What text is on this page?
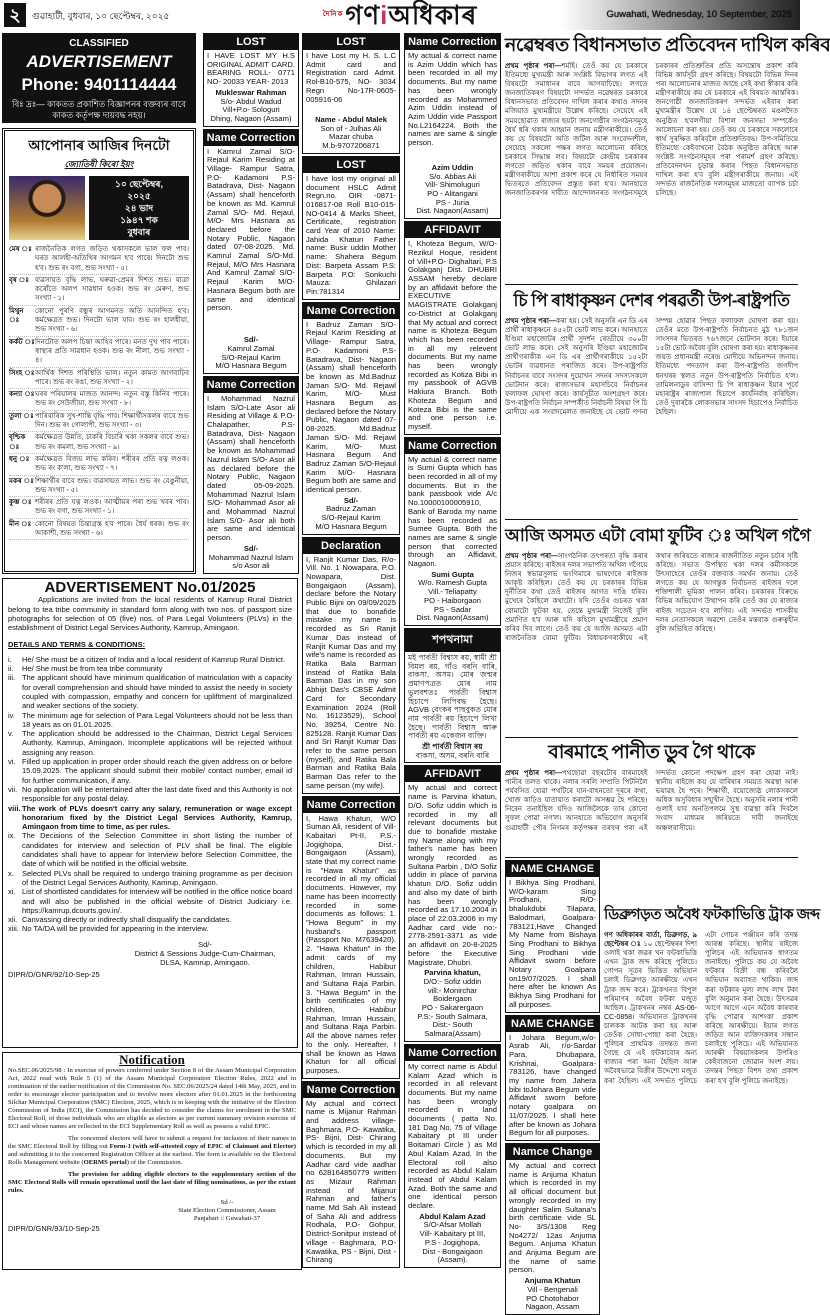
২	গুৱাহাটী, বুধবাৰ, ১০ ছেপ্টেম্বৰ, ২০২৫	$^{দৈনিক}$গণiঅধিকাৰ	Guwahati, Wednesday, 10 September, 2025
CLASSIFIED
ADVERTISEMENT
Phone: 9401114444
বিঃ দ্ৰঃ— কাকতত প্ৰকাশিত বিজ্ঞাপনৰ বক্তব্যৰ বাবে কাকত কৰ্তৃপক্ষ দায়বদ্ধ নহয়।
আপোনাৰ আজিৰ দিনটো
জ্যোতিষী কিৰো ইয়ং
১০ ছেপ্টেম্বৰ,
২০২৫
২৪ ভাদ
১৯৪৭ শক
বুধবাৰ
মেষ ঃ ৰাজনৈতিক লগত জড়িত থকাসকলে ভাল ফল পাব। ঘৰত আলহী-অতিথিৰ আগমন হ'ব পাৰে। দিনটো শুভ হ'ব। শুভ ৰং বগা, শুভ সংখ্যা - ৫।
বৃষ ঃ ব্যৱসায়ত বৃদ্ধি লাভ, ঘৰুৱা-প্ৰেমৰ দিশত শুভ। যাত্ৰা কৰোঁতে অলপ সাৱধান হওক। শুভ ৰং মেৰুণ, শুভ সংখ্যা - ১।
মিথুন ঃ
কোনো পুৰণি বন্ধুৰ আগমনত অতি আনন্দিত হ'ব। কৰ্মক্ষেত্ৰত শুভ। দিনটো ভাল যাব। শুভ ৰং হালধীয়া, শুভ সংখ্যা - ৬।
কৰ্কট ঃ দিনটোত অলপ চিন্তা আহিব পাৰে। মনত দুখ পাব পাৰে। স্বাস্থ্যৰ প্ৰতি সাৱধান হওক। শুভ ৰং নীলা, শুভ সংখ্যা - ৪।
সিংহ ঃ আৰ্থিক দিশত পৰিস্থিতি ভাল। নতুন কামত আগবাঢ়িব পাৰে। শুভ ৰং ৰঙা, শুভ সংখ্যা - ২।
কন্যা ঃ ঘৰৰ পৰিয়ালৰ মাজত আনন্দ। নতুন বস্তু কিনিব পাৰে। শুভ ৰং সেউজীয়া, শুভ সংখ্যা - ৮।
তুলা ঃ পাৰিবাৰিক সুখ-শান্তি বৃদ্ধি পাব। শিক্ষাৰ্থীসকলৰ বাবে শুভ দিন। শুভ ৰং গোলাপী, শুভ সংখ্যা - ৩।
বৃশ্চিক ঃ
কৰ্মক্ষেত্ৰত উন্নতি, চাকৰি বিচাৰি থকা সকলৰ বাবে শুভ। শুভ ৰং কমলা, শুভ সংখ্যা - ৯।
ধনু ঃ কৰ্মক্ষেত্ৰত বিজয় লাভ কৰিব। শৰীৰৰ প্ৰতি যত্ন লওক। শুভ ৰং ক'লা, শুভ সংখ্যা - ৭।
মকৰ ঃ শিক্ষাৰ্থীৰ বাবে শুভ। ব্যৱসায়ত লাভ। শুভ ৰং বেঙুনীয়া, শুভ সংখ্যা - ৫।
কুম্ভ ঃ শৰীৰৰ প্ৰতি যত্ন লওক। আত্মীয়ৰ পৰা শুভ খবৰ পাব। শুভ ৰং বগা, শুভ সংখ্যা - ১।
মীন ঃ কোনো বিষয়ত চিন্তাগ্ৰস্ত হ'ব পাৰে। ধৈৰ্য ধৰক। শুভ ৰং আকাশী, শুভ সংখ্যা - ৬।
LOST
I HAVE LOST MY H.S ORIGINAL ADMIT CARD. BEARING ROLL- 0771 NO- 20033 YEAR- 2013
Mukleswar Rahman
S/o- Abdul Wadud
Vill+P.o- Sologuri
Dhing, Nagaon (Assam)
Name Correction
I Kamrul Zamal S/O-Rejaul Karim Residing at Village- Rampur Satra, P.O- Kadamoni P.S- Batadrava, Dist- Nagaon (Assam) shall henceforth be known as Md. Kamrul Zamal S/O- Md. Rejaul, M/O- Mrs Hasnara as declared before the Notary Public, Nagaon dated 07-08-2025. Md. Kamrul Zamal S/O-Md. Rejaul, M/O Mrs Hasnara And Kamrul Zamal S/O- Rejaul Karim M/O-Hasnara Begum both are same and identical person.
Sd/-
Kamrul Zamal
S/O-Rejaul Karim
M/O Hasnara Begum
Name Correction
I Mohammad Nazrul Islam S/O-Late Asor ali Residing at Village & P.O- Chalapather, P.S- Batadrava, Dist- Nagaon (Assam) shall henceforth be known as Mohammad Nazrul Islam S/O- Asor ali as declared before the Notary Public, Nagaon dated 05-09-2025. Mohammad Nazrul Islam S/O- Mohammad Asor ali and Mohammad Nazrul Islam S/O- Asor ali both are same and identical person.
Sd/-
Mohammad Nazrul Islam
s/o Asor ali
LOST
I have Lost my H. S. L.C Admit card and Registration card Admit. Rol-B10-575, NO- 3034 Regn No-17R-0605-005916-06
Name - Abdul Malek
Son of - Julhas Ali
Mazar chuba
M.b-9707206871
LOST
I have lost my original all document HSLC Admit Regn.no. OIR -0871-016817-08 Roll B10-015-NO-0414 & Marks Sheet, Certificate, registration card Year of 2010 Name: Jahida Khatun Father name: Busir uddin Mother name: Shahera Begum Dist: Barpeta Assam P.S: Barpeta P.O: Sonkuchi Mauza: Ghilazari Pin:781314
Name Correction
I Badruz Zaman S/O- Rejaul Karim Residing at Village- Rampur Satra, P.O- Kadamoni P.S- Batadrava, Dist- Nagaon (Assam) shall henceforth be known as Md.Badruz Jaman S/O- Md. Rejawl Karim, M/O- Must Hasnara Begum as declared before the Notary Public, Nagaon dated 07-08-2025. Md.Badruz Jaman S/O- Md. Rejawl Karim, M/O- Must Hasnara Begum And Badruz Zaman S/O-Rejaul Karim M/O- Hasnara Begum both are same and identical person.
Sd/-
Badruz Zaman
S/O-Rejaul Karim
M/O Hasnara Begum
Declaration
I, Ranjit Kumar Das, R/o- Vill. No. 1 Nowapara, P.O. Nowapara, Dist. Bongaigaon (Assam), declare before the Notary Public Bijni on 09/09/2025 that due to bonafide mistake my name is recorded as Sri Ranjit Kumar Das instead of Ranjit Kumar Das and my wife's name is recorded as Ratika Bala Barman instead of Ratika Bala Barman Das in my son Abhijit Das's CBSE Admit Card for Secondary Examination 2024 (Roll No. 16123529), School No. 39254, Centre No. 825128. Ranjit Kumar Das and Sri Ranjit Kumar Das refer to the same person (myself), and Ratika Bala Barman and Ratika Bala Barman Das refer to the same person (my wife).
Name Correction
I, Hawa Khatun, W/O Suman Ali, resident of Vill-Kabaitari Pt-II, P.S.- Jogighopa, Dist.- Bongaigaon (Assam), state that my correct name is "Hawa Khatun" as recorded in all my official documents. However, my name has been incorrectly recorded in some documents as follows: 1. "Howa Begum" in my husband's passport (Passport No. M7639420). 2. "Hawa Khatun" in the admit cards of my children, Habibur Rahman, Imran Hussain, and Sultana Raja Parbin. 3. "Hawa Begum" in the birth certificates of my children, Habibur Rahman, Imran Hussain, and Sultana Raja Parbin. All the above names refer to the only. Hereafter, I shall be known as Hawa Khatun for all official purposes.
Name Correction
My actual and correct name is Mijanur Rahman and address village- Baghmara, P.O- Kawatika, PS- Bijni, Dist- Chirang which is recorded in my all documents. But my Aadhar card vide aadhar no 628164850779 written as Mizaur Rahman instead of Mijanur Rahman and father's name Md Sah Ali instead of Saha Ali and address Rodhala, P.O- Gohpur, District-Sonitpur instead of village - Baghmara, P.O- Kawatika, PS - Bijni, Dist - Chirang
Name Correction
My actual & correct name is Azim Uddin which has been recorded in all my documents. But my name has been wrongly recorded as Mohammed Azim Uddin instead of Azim Uddin vide Passport No.L2164224. Both the names are same & single person.
Azim Uddin
S/o. Abbas Ali
Vill- Shimoluguri
PO - Alitangani
PS - Juria
Dist. Nagaon(Assam)
AFFIDAVIT
I, Khoteza Begum, W/O- Rezikul Hoque, resident of Vill+P.O- Dighaltari, P.S Golakganj Dist. DHUBRI ASSAM hereby declare by an affidavit before the EXECUTIVE MAGISTRATE Golakganj co-District at Golakganj that My actual and correct name is Khoteza Begum which has been recorded in all my relevent documents. But my name has been wrongly recorded as Kotiza Bibi in my passbook of AGVB Hakiura Branch. Both Khoteza Begum and Koteza Bibi is the same and one person i.e. myself.
Name Correction
My actual & correct name is Sumi Gupta which has been recorded in all of my documents. But in the bank passbook vide A/c No.10000100005910, Bank of Baroda my name has been recorded as Sumee Gupta. Both the names are same & single person that corrected through an Affidavit, Nagaon.
Sumi Gupta
W/o. Ramesh Gupta
Vill.- Teliapatty
PO - Haiborgaon
PS - Sadar
Dist. Nagaon(Assam)
শপথনামা
মই পাৰ্বতী বিশ্বাস ৰয়, স্বামী শ্ৰী বিমল ৰয়, গাঁও বৰনি বাৰি, বাকসা, অসম। মোৰ জন্মৰ প্ৰমাণপত্ৰত মোৰ নাম ভুলবশতঃ পাৰ্বতী বিশ্বাস হিচাপে লিপিবদ্ধ হৈছে। AGVB বেংকৰ পাছবুকত মোৰ নাম পাৰ্বতী ৰয় হিচাপে লিখা হৈছে। পাৰ্বতী বিশ্বাস আৰু পাৰ্বতী ৰয় একেজন ব্যক্তি।
শ্ৰী পাৰ্বতী বিশ্বাস ৰয়
বাকসা, অসম, বৰনি বাৰি
AFFIDAVIT
My actual and correct name is Parvina khatun, D/O. Sofiz uddin which is recorded in my all relevant documents but due to bonafide mistake my Name along with my father's name has been wrongly recorded as Sultana Parbin , D/O Sofiz uddin in place of parvina khatun D/O. Sofiz uddin and also my date of birth has been wrongly recorded as 17.10.2004 in place of 22.03.2006 in my Aadhar card vide no:- 2778-2591-3371 as vide an affidavit on 20-8-2025 before the Executive Magistrate, Dhubri.
Parvina khatun,
D/O:- Sofiz uddin
vill:- Monirchar Boidergaon
PO - Sakarergaon
P.S:- South Salmara,
Dist:- South Salmara(Assam)
Name Correction
My correct name is Abdul Kalam Azad which is recorded in all relevant documents. But my name has been wrongly recorded in land documents ( patta No. 181 Dag No. 75 of Village Kabaitary pt III under Boitamari Circle ) as Md Abul Kalam Azad. In the Electoral roll also recorded as Abdul Kalam instead of Abdul Kalam Azad. Both the same and one identical person declare.
Abdul Kalam Azad
S/O-Afsar Mollah
Vill- Kabaitary pt III,
P.S - Jogighopa,
Dist - Bongaigaon (Assam).
NAME CHANGE
I Bikhya Sing Prodhani, W/O-karam Sing Prodhani, R/O-bhalukdubi Tilapara, Balodmari, Goalpara-783121,Have Changed My Name from Bishaya Sing Prodhani to Bikhya Sing Prodhani vide Affidavit sworn before Notary Goalpara on19/07/2025. I shall here after be known As Bikhya Sing Prodhani for all purposes.
NAME CHANGE
I Johara Begum,w/o- Asrab Ali, r/o-Sardar Para, Dhubapara, Krishnai, Goalpara- 783126, have changed my name from Jahera bibi toJohara Begum vide Affidavit sworn before notary goalpara on 11/07/2025. I shall here after be known as Johara Begum for all purposes.
Namce Change
My actual and correct name is Anjuma Khatun which is recorded in my all official document but wrongly recorded in my daughter Salim Sultana's birth certificate vide SL No- 3/S/1308 Reg No4272/ 12as Anjuma Begum. Anjuma Khatun and Anjuma Begum are the name of same person.
Anjuma Khatun
Vill - Bengenali
PO Chotohabor
Nagaon, Assam
ADVERTISEMENT No.01/2025
Applications are invited from the local residents of Kamrup Rural District belong to tea tribe community in standard form along with two nos. of passport size photographs for selection of 05 (five) nos. of Para Legal Volunteers (PLVs) in the establishment of District Legal Services Authority, Kamrup, Amingaon.
DETAILS AND TERMS & CONDITIONS:
i.	He/ She must be a citizen of India and a local resident of Kamrup Rural District.
ii.	He/ She must be from tea tribe community
iii. The applicant should have minimum qualification of matriculation with a capacity for overall comprehension and should have minded to assist the needy in society coupled with compassion, empathy and concern for upliftment of marginalized and weaker sections of the society.
iv. The minimum age for selection of Para Legal Volunteers should not be less than 18 years as on 01.01.2025.
v.	The application should be addressed to the Chairman, District Legal Services Authority, Kamrup, Amingaon. Incomplete applications will be rejected without assigning any reason.
vi. Filled up application in proper order should reach the given address on or before 15.09.2025. The applicant should submit their mobile/ contact number, email id for further communication, if any.
vii. No application will be entertained after the last date fixed and this Authority is not responsible for any postal delay.
viii. The work of PLVs doesn't carry any salary, remuneration or wage except honorarium fixed by the District Legal Services Authority, Kamrup, Amingaon from time to time, as per rules.
ix. The Decisions of the Selection Committee in short listing the number of candidates for interview and selection of PLV shall be final. The eligible candidates shall have to appear for Interview before Selection Committee, the date of which will be notified in the official website.
x.	Selected PLVs shall be required to undergo training programme as per decision of the District Legal Services Authority, Kamrup, Amingaon.
xi. List of shortlisted candidates for interview will be notified in the office notice board and will also be published in the official website of District Judiciary i.e. https://kamrup.dcourts.gov.in/.
xii. Canvassing directly or indirectly shall disqualify the candidates.
xiii. No TA/DA will be provided for appearing in the interview.
Sd/-
District & Sessions Judge-Cum-Chairman,
DLSA, Kamrup, Amingaon.
DIPR/D/GNR/92/10-Sep-25
Notification

No.SEC.06/2025/98 : In exercise of powers conferred under Section 8 of the Assam Municipal Corporation Act, 2022 read with Rule 5 (1) of the Assam Municipal Corporation Election Rules, 2022 and in continuation of the earlier notification of the Commission No. SEC.06/2025/24 dated 14th May, 2025, and in order to encourage elector participation and to involve more electors after 01.01.2025 in the forthcoming Silchar Municipal Corporation (SMC) Election, 2025, which is in keeping with the initiative of the Election Commission of India (ECI), the Commission has decided to consider the claims for enrolment in the SMC Electoral Roll, of those individuals who are eligible as electors as per current summary revision exercise of ECI and whose names are reflected in the ECI Supplementary Roll as well as possess a valid EPIC.

The concerned electors will have to submit a request for inclusion of their names in the SMC Electoral Roll by filling out Form-1 (with self-attested copy of EPIC of Claimant and Elector) and submitting it to the concerned Registration Officer at the earliest. The form is available on the Electoral Rolls Management website (OERMS portal) of the Commission.

The provision for adding eligible electors to the supplementary section of the SMC Electoral Rolls will remain operational until the last date of filing nominations, as per the extant rules.

Sd /-
State Election Commissioner, Assam
Panjabari :: Guwahati-37
DIPR/D/GNR/93/10-Sep-25
নৱেম্বৰত বিধানসভাত প্ৰতিবেদন দাখিল কৰিব
প্ৰথম পৃষ্ঠাৰ পৰা—শৰ্মাই। তেওঁ কয় যে চৰকাৰে ইতিমধ্যে মুখ্যমন্ত্ৰী আৰু সংশ্লিষ্ট বিভাগৰ লগত এই বিষয়টো সমাধানৰ বাবে আগবাঢ়িছে। লগতে জনজাতিকৰণ বিষয়টো সন্দৰ্ভত নৱেম্বৰত চৰকাৰে বিধানসভাত প্ৰতিবেদন দাখিল কৰাৰ কথাও সদনৰ মজিয়াত মুখ্যমন্ত্ৰীয়ে উল্লেখ কৰিছে। সেয়েহে এই সময়ছোৱাত ৰাজ্যৰ ছয়টা জনগোষ্ঠীৰ সংগঠনসমূহে ধৈৰ্য ধৰি থকাৰ আহ্বান জনায় মন্ত্ৰীগৰাকীয়ে। তেওঁ কয় যে বিষয়টো অতি জটিল আৰু সংবেদনশীল, সেয়েহে সকলো পক্ষৰ লগত আলোচনা কৰিহে চৰকাৰে সিদ্ধান্ত লব। বিষয়টো কেন্দ্ৰীয় চৰকাৰৰ লগতো জড়িত থকাৰ বাবে সময়ৰ প্ৰয়োজন। মন্ত্ৰীগৰাকীয়ে আশা প্ৰকাশ কৰে যে নিৰ্ধাৰিত সময়ৰ ভিতৰতে প্ৰতিবেদন প্ৰস্তুত কৰা হ'ব। আনহাতে জনজাতিকৰণৰ দাবীত আন্দোলনৰত সংগঠনসমূহে চৰকাৰৰ প্ৰতিশ্ৰুতিৰ প্ৰতি অসন্তোষ প্ৰকাশ কৰি বিভিন্ন কাৰ্যসূচী গ্ৰহণ কৰিছে। বিষয়টো বিভিন্ন দিনৰ পৰা আলোচনাৰ মাজত আছে সেই কথা স্বীকাৰ কৰি মন্ত্ৰীগৰাকীয়ে কয় যে চৰকাৰে এই বিষয়ত আন্তৰিক। জনগোষ্ঠী জনজাতিকৰণ সন্দৰ্ভত এইবাৰ কৰা মুখ্যমন্ত্ৰীৰ উল্লেখ যে ১৪ ছেপ্টেম্বৰত মঙলদৈত অনুষ্ঠিত হ'বলগীয়া বিশাল জনসভা সম্পৰ্কেও আলোচনা কৰা হয়। তেওঁ কয় যে চৰকাৰে সকলোৰে স্বাৰ্থ সুৰক্ষিত কৰিবলৈ প্ৰতিশ্ৰুতিবদ্ধ। উপ-সমিতিয়ে ইতিমধ্যে কেইবাখনো বৈঠক অনুষ্ঠিত কৰিছে আৰু সংশ্লিষ্ট সংগঠনসমূহৰ পৰা পৰামৰ্শ গ্ৰহণ কৰিছে। প্ৰতিবেদনখন চূড়ান্ত কৰাৰ পিছত বিধানসভাত দাখিল কৰা হ'ব বুলি মন্ত্ৰীগৰাকীয়ে জনায়। এই সন্দৰ্ভত ৰাজনৈতিক দলসমূহৰ মাজতো ব্যাপক চৰ্চা চলিছে।
চি পি ৰাধাকৃষ্ণন দেশৰ পৰৱৰ্তী উপ-ৰাষ্ট্ৰপতি
প্ৰথম পৃষ্ঠাৰ পৰা—কৰা হয়। সেই অনুসৰি এন ডি এৰ প্ৰাৰ্থী ৰাধাকৃষ্ণনে ৪৫২টা ভোট লাভ কৰে। আনহাতে ইণ্ডিয়া মহাজোটৰ প্ৰাৰ্থী সুদৰ্শন ৰেড্ডীয়ে ৩০০টা ভোট লাভ কৰে। সেই অনুসৰি ইণ্ডিয়া মহাজোটৰ প্ৰাৰ্থীগৰাকীক এন ডি এৰ প্ৰাৰ্থীগৰাকীয়ে ১৫২টা ভোটৰ ব্যৱধানত পৰাজিত কৰে। উপ-ৰাষ্ট্ৰপতি নিৰ্বাচনৰ বাবে সংসদৰ দুয়োখন সদনৰ সদস্যসকলে ভোটদান কৰে। ৰাজ্যসভাৰ মহাসচিবে নিৰ্বাচনৰ ফলাফল ঘোষণা কৰে। কাৰ্যসূচীত অংশগ্ৰহণ কৰে। উপ-ৰাষ্ট্ৰপতি নিৰ্বাচন সম্পৰ্কীত নিৰ্বাচনী বিষয়া পি চি মোদীয়ে এক সংবাদমেলত জনাইছে যে ভোট গণনা সম্পন্ন হোৱাৰ পিছত ফলাফল ঘোষণা কৰা হয়। তেওঁৰ মতে উপ-ৰাষ্ট্ৰপতি নিৰ্বাচনত মুঠ ৭৮১জন সাংসদৰ ভিতৰত ৭৬৭জনে ভোটদান কৰে। ইয়াৰে ১৫টা ভোট অবৈধ বুলি ঘোষণা কৰা হয়। ৰাধাকৃষ্ণনৰ জয়ত প্ৰধানমন্ত্ৰী নৰেন্দ্ৰ মোদীয়ে অভিনন্দন জনায়। ইতিমধ্যে পদত্যাগ কৰা উপ-ৰাষ্ট্ৰপতি জগদীপ ধনখৰৰ স্থলত নতুন উপ-ৰাষ্ট্ৰপতি নিৰ্বাচিত হ'ল। তামিলনাডুৰ বাসিন্দা চি পি ৰাধাকৃষ্ণন ইয়াৰ পূৰ্বে মহাৰাষ্ট্ৰৰ ৰাজ্যপাল হিচাপে কাৰ্যনিৰ্বাহ কৰিছিল। তেওঁ দুবাৰকৈ লোকসভাৰ সাংসদ হিচাপেও নিৰ্বাচিত হৈছিল।
আজি অসমত এটা বোমা ফুটিব ঃ অখিল গগৈ
প্ৰথম পৃষ্ঠাৰ পৰা—সাংগঠনিক তৎপৰতা বৃদ্ধি কৰাৰ প্ৰয়াস কৰিছে। ৰাইজৰ দলৰ সভাপতি অখিল গগৈয়ে নিজৰ স্বভাৱসুলভ ভংগিমাৰে ভাষণেৰে ৰাইজক আকৃষ্ট কৰিছিল। তেওঁ কয় যে চৰকাৰৰ বিভিন্ন দুৰ্নীতিৰ কথা তেওঁ ৰাইজৰ আগত দাঙি ধৰিব। মুখেৰে কৈছিলে কথাটো। যদি তেওঁৰ গুচৰত থকা বোমাটো ফুটকা হয়, তেন্তে মুখ্যমন্ত্ৰী নিজেই বুলি প্ৰমাণিত হ'ব আৰু যদি কহিলে মুখ্যমন্ত্ৰীয়ে প্ৰমাণ কৰিব দিব লাগে। তেওঁ কয় যে আজি অসমত এটা ৰাজনৈতিক বোমা ফুটিব। বিধায়কগৰাকীয়ে এই কথাৰ জৰিয়তে ৰাজ্যৰ ৰাজনীতিত নতুন চৰ্চাৰ সৃষ্টি কৰিছে। সভাত উপস্থিত থকা দলৰ কৰ্মীসকলে উৎসাহেৰে তেওঁৰ বক্তব্যক সমৰ্থন জনায়। তেওঁ লগতে কয় যে আগন্তুক নিৰ্বাচনত ৰাইজৰ দলে শক্তিশালী ভূমিকা পালন কৰিব। চৰকাৰৰ বিৰুদ্ধে বিভিন্ন অভিযোগ উত্থাপন কৰি তেওঁ কয় যে ৰাজ্যৰ ৰাইজ সচেতন হ'ব লাগিব। এই সন্দৰ্ভত শাসকীয় দলৰ নেতাসকলে অৱশ্যে তেওঁৰ মন্তব্যক গুৰুত্বহীন বুলি অভিহিত কৰিছে।
বাৰমাহে পানীত ডুব গৈ থাকে
প্ৰথম পৃষ্ঠাৰ পৰা—পথছোৱা বছৰটোৰ বাৰমাহেই পানীৰ তলত থাকে। নলাৰ সৰলি সম্প্ৰতি পিটনিলৈ পৰ্যবসিত হোৱা পথটিৰে যান-বাহনতো দূৰৰে কথা, খোজ কাঢ়িও যাতায়াত কৰাটো অসম্ভৱ হৈ পৰিছে। নিৰেন তনাইছিল যদিও আজিলৈকে তাৰ কোনো সুফল পোৱা নগ'ল। আনহাতে অভিযোগ অনুসৰি গুৱাহাটী পৌৰ নিগমৰ কৰ্তৃপক্ষৰ তৰফৰ পৰা এই সন্দৰ্ভত কোনো পদক্ষেপ গ্ৰহণ কৰা হোৱা নাই। স্থানীয় ৰাইজে কয় যে বাৰিষাৰ সময়ত অৱস্থা আৰু ভয়াৱহ হৈ পৰে। শিক্ষাৰ্থী, বয়োজ্যেষ্ঠ লোকসকলে অধিক অসুবিধাৰ সন্মুখীন হৈছে। অনুসৰি নলাৰ পানী গুলাই যাব অনতিপলমে সুস্থ ব্যৱস্থা কৰি দিবলৈ সংবাদ মাধ্যমৰ জৰিয়তে দাবী জনাইছে অঞ্চলবাসীয়ে।
ডিব্ৰুগড়ত অবৈধ ফটকাভিত্তি ট্ৰাক জব্দ
গণ অধিকাৰৰ বাৰ্তা, ডিব্ৰুগড়, ৯ ছেপ্টেম্বৰ ঃ ১০ ছেপ্টেম্বৰৰ দিশা ওলাই থকা জৱৰ খন ফটকাভিত্তি এখন ট্ৰাক জব্দ কৰিছে পুলিচে। গোপন সূত্ৰৰ ভিত্তিত অভিযান চলাই ডিব্ৰুগড় আৰক্ষীয়ে এখন ট্ৰাক জব্দ কৰে। ট্ৰাকখনত বিপুল পৰিমাণৰ অবৈধ ফটকা মজুত আছিল। ট্ৰাকখনৰ নম্বৰ AS-06-CC-0858। অভিযানত ট্ৰাকখনৰ চালকক আটক কৰা হয় আৰু তেওঁক সোধা-পোছা কৰা হৈছে। পুলিচৰ প্ৰাথমিক তদন্তত জনা গৈছে যে এই ফটকাবোৰ অন্য ৰাজ্যৰ পৰা অনা হৈছিল আৰু অবৈধভাৱে বিক্ৰীৰ উদ্দেশ্যে মজুত কৰা হৈছিল। এই সন্দৰ্ভত পুলিচে এটা গোচৰ পঞ্জীয়ন কৰি তদন্ত আৰম্ভ কৰিছে। স্থানীয় ৰাইজে পুলিচৰ এই অভিযানক স্বাগতম জনাইছে। পুলিচে কয় যে অবৈধ ফটকাৰ বিক্ৰী বন্ধ কৰিবলৈ অভিযান অব্যাহত থাকিব। জব্দ কৰা ফটকাৰ মূল্য লাখ লাখ টকা বুলি অনুমান কৰা হৈছে। উৎসৱৰ আগে আগে এনে অবৈধ কাৰবাৰ বৃদ্ধি পোৱাৰ আশংকা প্ৰকাশ কৰিছে আৰক্ষীয়ে। ইয়াৰ লগত জড়িত আন ব্যক্তিসকলৰ সন্ধান চলাইছে পুলিচে। এই অভিযানত আৰক্ষী বিষয়াসকলৰ উপৰিও কেইবাজনো জোৱান অংশ লয়। তদন্তৰ পিছত বিশদ তথ্য প্ৰকাশ কৰা হ'ব বুলি পুলিচে জনাইছে।
